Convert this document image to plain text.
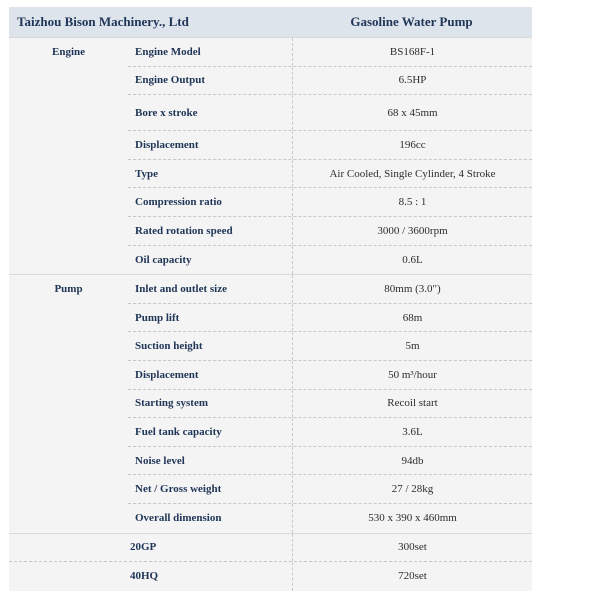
Taizhou Bison Machinery., Ltd	Gasoline Water Pump
Engine	Engine Model	BS168F-1
Engine Output	6.5HP
Bore x stroke	68 x 45mm
Displacement	196cc
Type	Air Cooled, Single Cylinder, 4 Stroke
Compression ratio	8.5 : 1
Rated rotation speed	3000 / 3600rpm
Oil capacity	0.6L
Pump	Inlet and outlet size	80mm (3.0")
Pump lift	68m
Suction height	5m
Displacement	50 m³/hour
Starting system	Recoil start
Fuel tank capacity	3.6L
Noise level	94db
Net / Gross weight	27 / 28kg
Overall dimension	530 x 390 x 460mm
20GP	300set
40HQ	720set
